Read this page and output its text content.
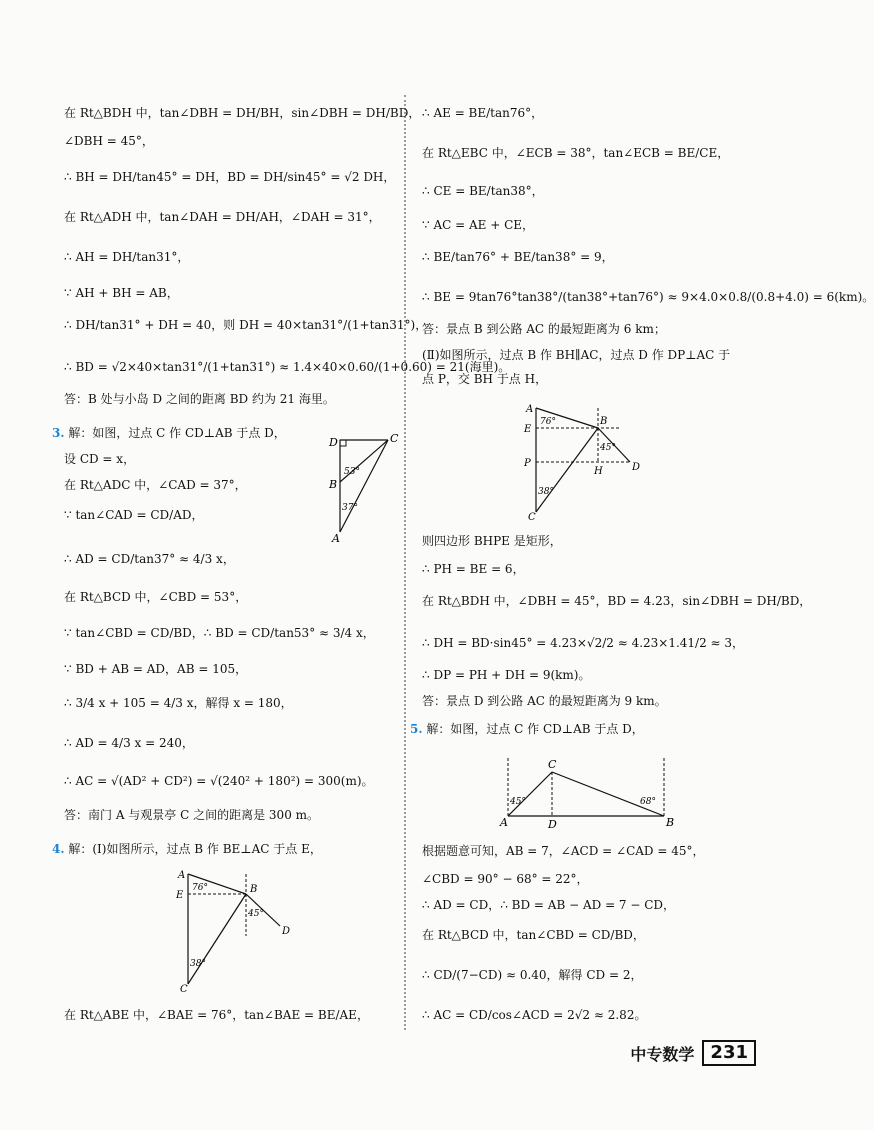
在 Rt△BDH 中，tan∠DBH = DH/BH，sin∠DBH = DH/BD，
∠DBH = 45°，
∴ BH = DH/tan45° = DH，BD = DH/sin45° = √2 DH，
在 Rt△ADH 中，tan∠DAH = DH/AH，∠DAH = 31°，
∴ AH = DH/tan31°，
∵ AH + BH = AB，
∴ DH/tan31° + DH = 40，则 DH = 40×tan31°/(1+tan31°)，
∴ BD = √2×40×tan31°/(1+tan31°) ≈ 1.4×40×0.60/(1+0.60) = 21(海里)。
答：B 处与小岛 D 之间的距离 BD 约为 21 海里。
3. 解：如图，过点 C 作 CD⊥AB 于点 D，
设 CD = x，
在 Rt△ADC 中，∠CAD = 37°，
∵ tan∠CAD = CD/AD，
∴ AD = CD/tan37° ≈ 4/3 x，
在 Rt△BCD 中，∠CBD = 53°，
∵ tan∠CBD = CD/BD，∴ BD = CD/tan53° ≈ 3/4 x，
∵ BD + AB = AD，AB = 105，
∴ 3/4 x + 105 = 4/3 x，解得 x = 180，
∴ AD = 4/3 x = 240，
∴ AC = √(AD² + CD²) = √(240² + 180²) = 300(m)。
答：南门 A 与观景亭 C 之间的距离是 300 m。
4. 解：(Ⅰ)如图所示，过点 B 作 BE⊥AC 于点 E，
在 Rt△ABE 中，∠BAE = 76°，tan∠BAE = BE/AE，
C
D
B
A
53°
37°
A
E
B
D
C
76°
45°
38°
∴ AE = BE/tan76°，
在 Rt△EBC 中，∠ECB = 38°，tan∠ECB = BE/CE，
∴ CE = BE/tan38°，
∵ AC = AE + CE，
∴ BE/tan76° + BE/tan38° = 9，
∴ BE = 9tan76°tan38°/(tan38°+tan76°) ≈ 9×4.0×0.8/(0.8+4.0) = 6(km)。
答：景点 B 到公路 AC 的最短距离为 6 km；
(Ⅱ)如图所示，过点 B 作 BH∥AC，过点 D 作 DP⊥AC 于
点 P，交 BH 于点 H，
则四边形 BHPE 是矩形，
∴ PH = BE = 6，
在 Rt△BDH 中，∠DBH = 45°，BD = 4.23，sin∠DBH = DH/BD，
∴ DH = BD·sin45° = 4.23×√2/2 ≈ 4.23×1.41/2 ≈ 3，
∴ DP = PH + DH = 9(km)。
答：景点 D 到公路 AC 的最短距离为 9 km。
5. 解：如图，过点 C 作 CD⊥AB 于点 D，
根据题意可知，AB = 7，∠ACD = ∠CAD = 45°，
∠CBD = 90° − 68° = 22°，
∴ AD = CD，∴ BD = AB − AD = 7 − CD，
在 Rt△BCD 中，tan∠CBD = CD/BD，
∴ CD/(7−CD) ≈ 0.40，解得 CD = 2，
∴ AC = CD/cos∠ACD = 2√2 ≈ 2.82。
A
E
B
P
H	D
C
76°
45°
38°
C
A	D	B
45°	68°
中专数学 231
